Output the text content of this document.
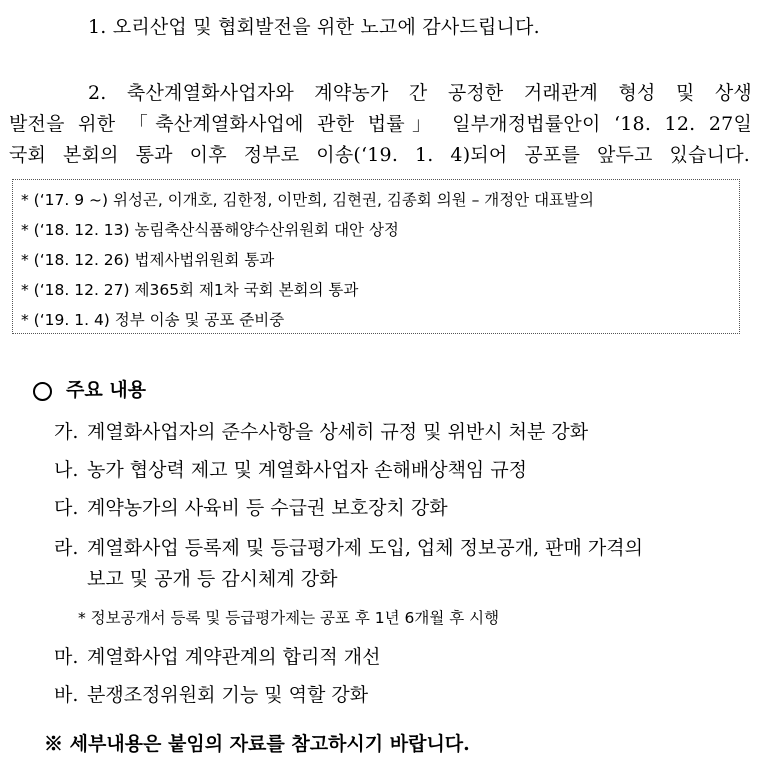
1. 오리산업 및 협회발전을 위한 노고에 감사드립니다.
2. 축산계열화사업자와 계약농가 간 공정한 거래관계 형성 및 상생
발전을 위한 「축산계열화사업에 관한 법률」 일부개정법률안이 ‘18. 12. 27일
국회 본회의 통과 이후 정부로 이송(‘19. 1. 4)되어 공포를 앞두고 있습니다.
* (‘17. 9 ~) 위성곤, 이개호, 김한정, 이만희, 김현권, 김종회 의원 – 개정안 대표발의
* (‘18. 12. 13) 농림축산식품해양수산위원회 대안 상정
* (‘18. 12. 26) 법제사법위원회 통과
* (‘18. 12. 27) 제365회 제1차 국회 본회의 통과
* (‘19. 1. 4) 정부 이송 및 공포 준비중
주요 내용
가. 계열화사업자의 준수사항을 상세히 규정 및 위반시 처분 강화
나. 농가 협상력 제고 및 계열화사업자 손해배상책임 규정
다. 계약농가의 사육비 등 수급권 보호장치 강화
라. 계열화사업 등록제 및 등급평가제 도입, 업체 정보공개, 판매 가격의
보고 및 공개 등 감시체계 강화
* 정보공개서 등록 및 등급평가제는 공포 후 1년 6개월 후 시행
마. 계열화사업 계약관계의 합리적 개선
바. 분쟁조정위원회 기능 및 역할 강화
※ 세부내용은 붙임의 자료를 참고하시기 바랍니다.
